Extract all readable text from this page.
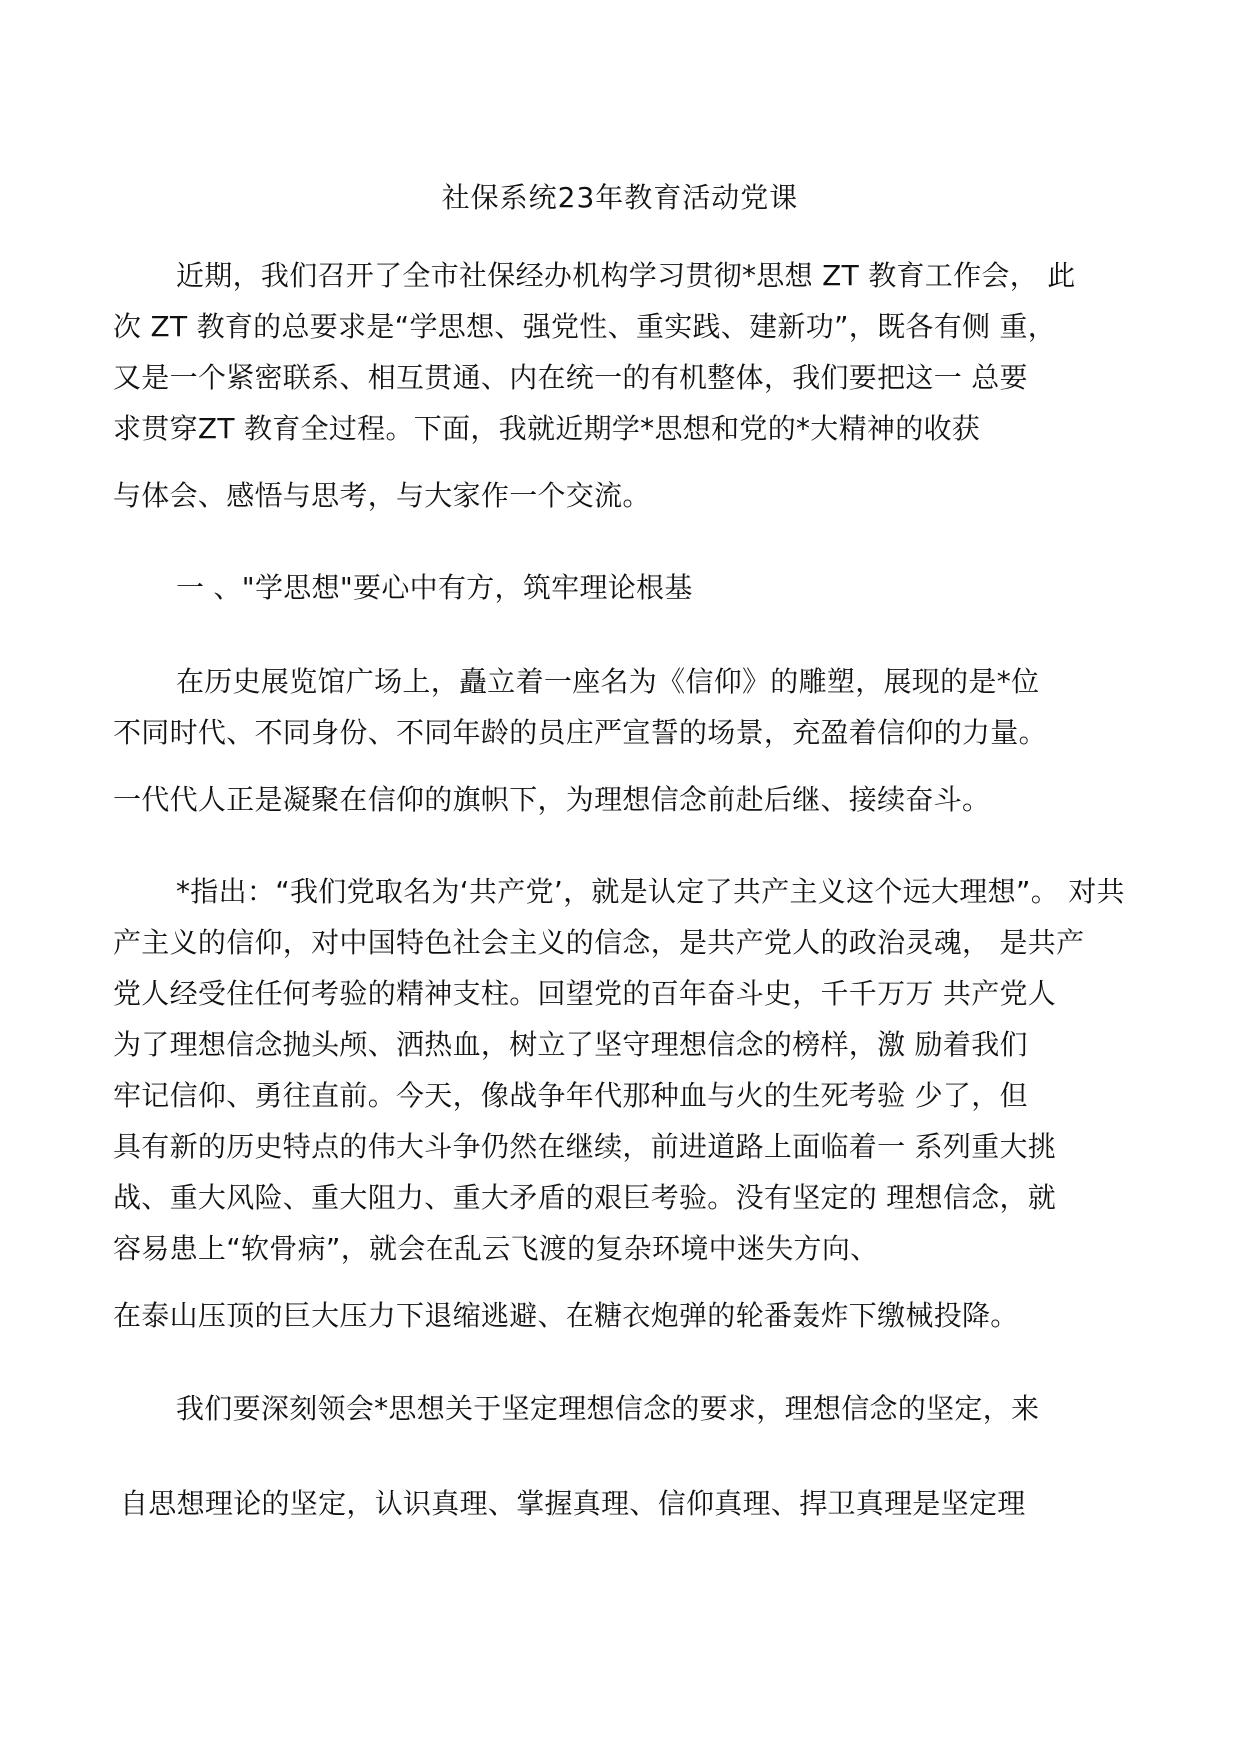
社保系统23年教育活动党课
近期，我们召开了全市社保经办机构学习贯彻*思想 ZT 教育工作会， 此
次 ZT 教育的总要求是“学思想、强党性、重实践、建新功”，既各有侧 重，
又是一个紧密联系、相互贯通、内在统一的有机整体，我们要把这一 总要
求贯穿ZT 教育全过程。下面，我就近期学*思想和党的*大精神的收获
与体会、感悟与思考，与大家作一个交流。
一 、"学思想"要心中有方，筑牢理论根基
在历史展览馆广场上，矗立着一座名为《信仰》的雕塑，展现的是*位
不同时代、不同身份、不同年龄的员庄严宣誓的场景，充盈着信仰的力量。
一代代人正是凝聚在信仰的旗帜下，为理想信念前赴后继、接续奋斗。
*指出：“我们党取名为‘共产党’，就是认定了共产主义这个远大理想”。 对共
产主义的信仰，对中国特色社会主义的信念，是共产党人的政治灵魂， 是共产
党人经受住任何考验的精神支柱。回望党的百年奋斗史，千千万万 共产党人
为了理想信念抛头颅、洒热血，树立了坚守理想信念的榜样，激 励着我们
牢记信仰、勇往直前。今天，像战争年代那种血与火的生死考验 少了，但
具有新的历史特点的伟大斗争仍然在继续，前进道路上面临着一 系列重大挑
战、重大风险、重大阻力、重大矛盾的艰巨考验。没有坚定的 理想信念，就
容易患上“软骨病”，就会在乱云飞渡的复杂环境中迷失方向、
在泰山压顶的巨大压力下退缩逃避、在糖衣炮弹的轮番轰炸下缴械投降。
我们要深刻领会*思想关于坚定理想信念的要求，理想信念的坚定，来
自思想理论的坚定，认识真理、掌握真理、信仰真理、捍卫真理是坚定理
